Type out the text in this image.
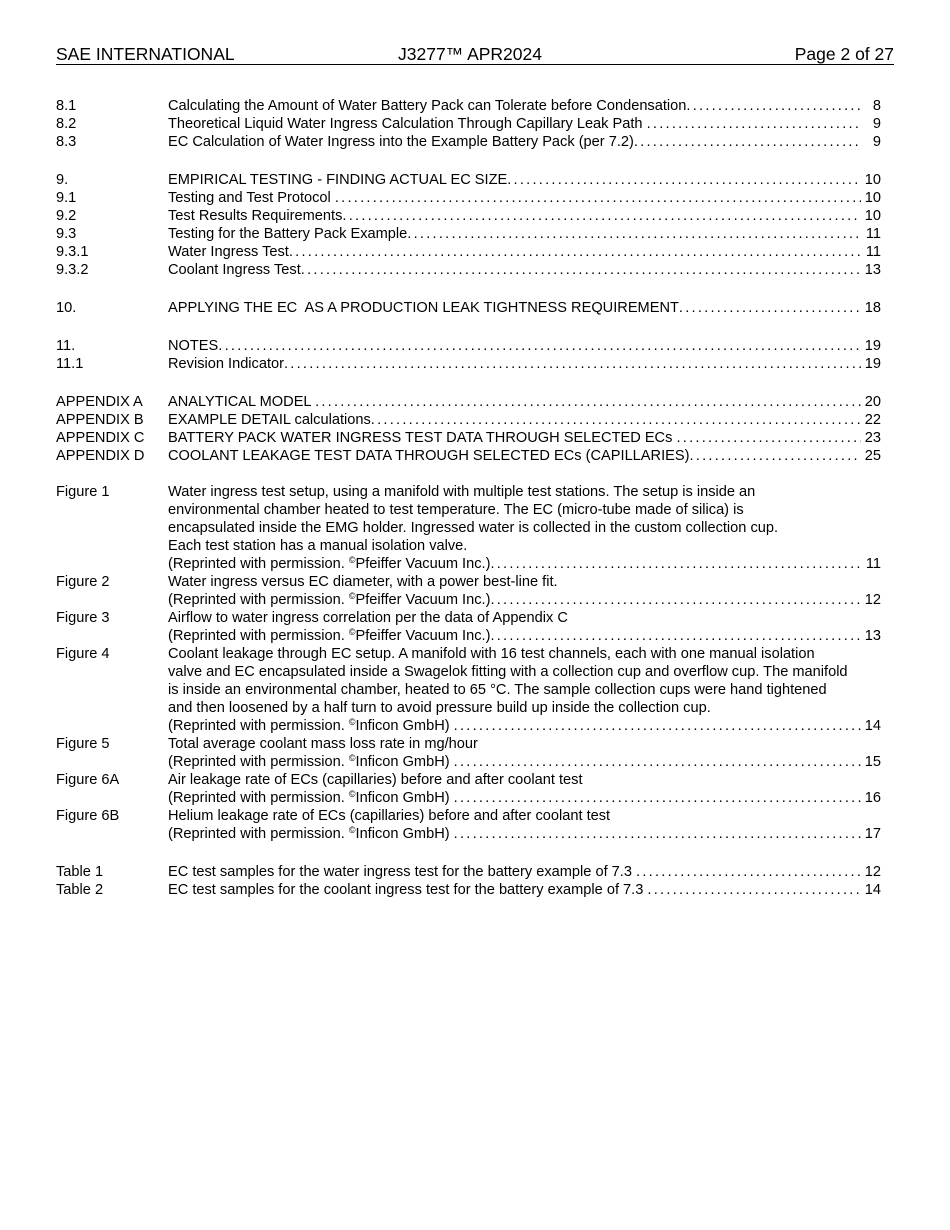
SAE INTERNATIONAL	J3277™ APR2024	Page 2 of 27
8.1	Calculating the Amount of Water Battery Pack can Tolerate before Condensation . . .	8
8.2	Theoretical Liquid Water Ingress Calculation Through Capillary Leak Path . . .	9
8.3	EC Calculation of Water Ingress into the Example Battery Pack (per 7.2) . . .	9
9.	EMPIRICAL TESTING - FINDING ACTUAL EC SIZE . . .	10
9.1	Testing and Test Protocol . . .	10
9.2	Test Results Requirements . . .	10
9.3	Testing for the Battery Pack Example . . .	11
9.3.1	Water Ingress Test . . .	11
9.3.2	Coolant Ingress Test . . .	13
10.	APPLYING THE EC  AS A PRODUCTION LEAK TIGHTNESS REQUIREMENT . . .	18
11.	NOTES . . .	19
11.1	Revision Indicator . . .	19
APPENDIX A	ANALYTICAL MODEL . . .	20
APPENDIX B	EXAMPLE DETAIL calculations . . .	22
APPENDIX C	BATTERY PACK WATER INGRESS TEST DATA THROUGH SELECTED ECs . . .	23
APPENDIX D	COOLANT LEAKAGE TEST DATA THROUGH SELECTED ECs (CAPILLARIES) . . .	25
Figure 1	Water ingress test setup, using a manifold with multiple test stations. The setup is inside an
environmental chamber heated to test temperature. The EC (micro-tube made of silica) is
encapsulated inside the EMG holder. Ingressed water is collected in the custom collection cup.
Each test station has a manual isolation valve.
(Reprinted with permission. ©Pfeiffer Vacuum Inc.) . . .	11
Figure 2	Water ingress versus EC diameter, with a power best-line fit.
(Reprinted with permission. ©Pfeiffer Vacuum Inc.) . . .	12
Figure 3	Airflow to water ingress correlation per the data of Appendix C
(Reprinted with permission. ©Pfeiffer Vacuum Inc.) . . .	13
Figure 4	Coolant leakage through EC setup. A manifold with 16 test channels, each with one manual isolation
valve and EC encapsulated inside a Swagelok fitting with a collection cup and overflow cup. The manifold
is inside an environmental chamber, heated to 65 °C. The sample collection cups were hand tightened
and then loosened by a half turn to avoid pressure build up inside the collection cup.
(Reprinted with permission. ©Inficon GmbH) . . .	14
Figure 5	Total average coolant mass loss rate in mg/hour
(Reprinted with permission. ©Inficon GmbH) . . .	15
Figure 6A	Air leakage rate of ECs (capillaries) before and after coolant test
(Reprinted with permission. ©Inficon GmbH) . . .	16
Figure 6B	Helium leakage rate of ECs (capillaries) before and after coolant test
(Reprinted with permission. ©Inficon GmbH) . . .	17
Table 1	EC test samples for the water ingress test for the battery example of 7.3 . . .	12
Table 2	EC test samples for the coolant ingress test for the battery example of 7.3 . . .	14
